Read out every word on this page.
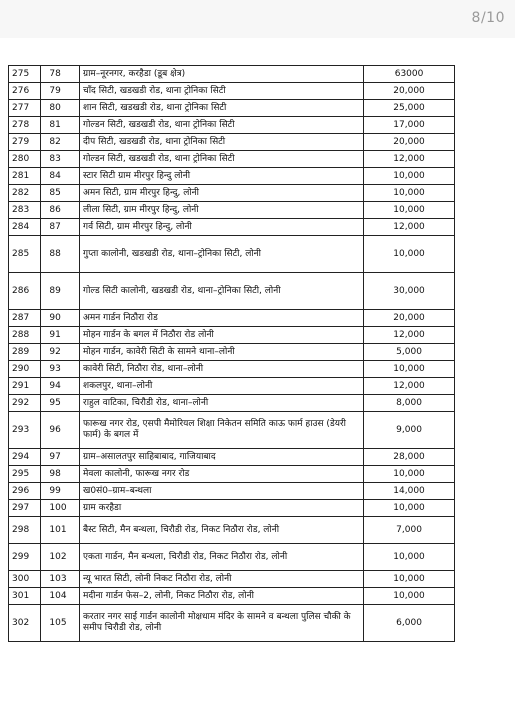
8/10
275	78	ग्राम–नूरनगर, करहैडा (डूब क्षेत्र)	63000
276	79	चाँद सिटी, खडखडी रोड, थाना ट्रोनिका सिटी	20,000
277	80	शान सिटी, खडखडी रोड, थाना ट्रोनिका सिटी	25,000
278	81	गोल्डन सिटी, खडखडी रोड, थाना ट्रोनिका सिटी	17,000
279	82	दीप सिटी, खडखडी रोड, थाना ट्रोनिका सिटी	20,000
280	83	गोल्डन सिटी, खडखडी रोड, थाना ट्रोनिका सिटी	12,000
281	84	स्टार सिटी ग्राम मीरपुर हिन्दु लोनी	10,000
282	85	अमन सिटी, ग्राम मीरपुर हिन्दु, लोनी	10,000
283	86	लीला सिटी, ग्राम मीरपुर हिन्दु, लोनी	10,000
284	87	गर्व सिटी, ग्राम मीरपुर हिन्दु, लोनी	12,000
285	88	गुप्ता कालोनी, खडखडी रोड, थाना–ट्रोनिका सिटी, लोनी	10,000
286	89	गोल्ड सिटी कालोनी, खडखडी रोड, थाना–ट्रोनिका सिटी, लोनी	30,000
287	90	अमन गार्डन निठौरा रोड	20,000
288	91	मोहन गार्डन के बगल में निठौरा रोड लोनी	12,000
289	92	मोहन गार्डन, कावेरी सिटी के सामने थाना–लोनी	5,000
290	93	कावेरी सिटी, निठौरा रोड, थाना–लोनी	10,000
291	94	शकलपुर, थाना–लोनी	12,000
292	95	राहुल वाटिका, चिरौडी रोड, थाना–लोनी	8,000
293	96	फारूख नगर रोड, एसपी मैमोरियल शिक्षा निकेतन समिति काऊ फार्म हाउस (डेयरी फार्म) के बगल में	9,000
294	97	ग्राम–असालतपुर साहिबाबाद, गाजियाबाद	28,000
295	98	मेवला कालोनी, फारूख नगर रोड	10,000
296	99	ख0सं0–ग्राम–बन्थला	14,000
297	100	ग्राम करहैडा	10,000
298	101	बैस्ट सिटी, मैन बन्थला, चिरौडी रोड, निकट निठौरा रोड, लोनी	7,000
299	102	एकता गार्डन, मैन बन्थला, चिरौडी रोड, निकट निठौरा रोड, लोनी	10,000
300	103	न्यू भारत सिटी, लोनी निकट निठौरा रोड, लोनी	10,000
301	104	मदीना गार्डन फेस–2, लोनी, निकट निठौरा रोड, लोनी	10,000
302	105	करतार नगर साई गार्डन कालोनी मोक्षधाम मंदिर के सामने व बन्थला पुलिस चौकी के समीप चिरौडी रोड, लोनी	6,000
